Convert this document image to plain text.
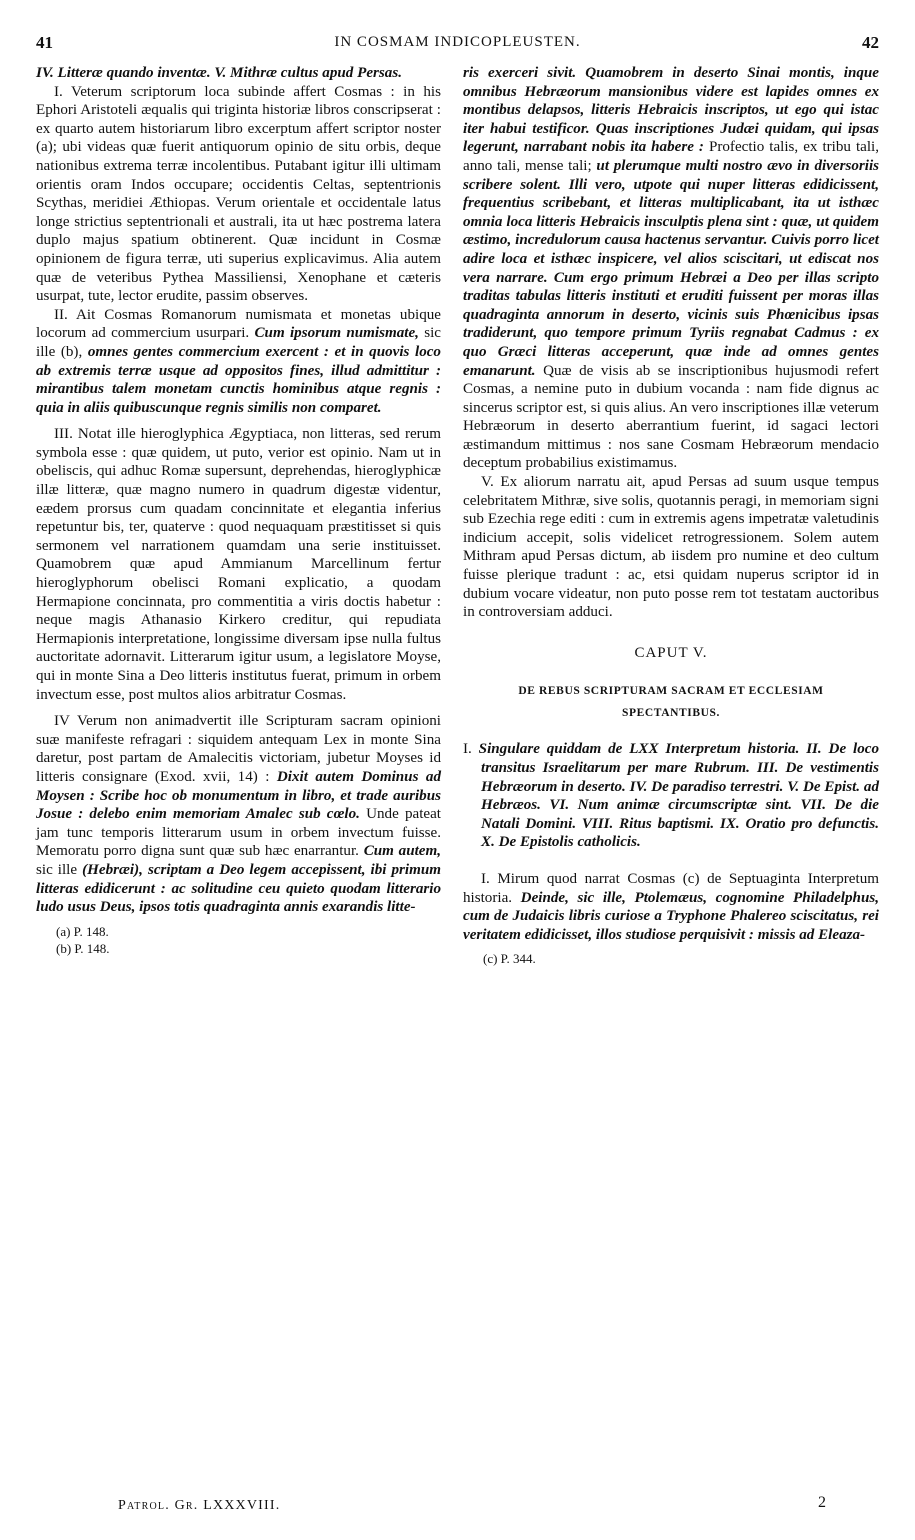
41	IN COSMAM INDICOPLEUSTEN.	42

IV. Litteræ quando inventæ. V. Mithræ cultus apud Persas.

I. Veterum scriptorum loca subinde affert Cosmas : in his Ephori Aristoteli æqualis qui triginta historiæ libros conscripserat : ex quarto autem historiarum libro excerptum affert scriptor noster (a); ubi videas quæ fuerit antiquorum opinio de situ orbis, deque nationibus extrema terræ incolentibus. Putabant igitur illi ultimam orientis oram Indos occupare; occidentis Celtas, septentrionis Scythas, meridiei Æthiopas. Verum orientale et occidentale latus longe strictius septentrionali et australi, ita ut hæc postrema latera duplo majus spatium obtinerent. Quæ incidunt in Cosmæ opinionem de figura terræ, uti superius explicavimus. Alia autem quæ de veteribus Pythea Massiliensi, Xenophane et cæteris usurpat, tute, lector erudite, passim observes.

II. Ait Cosmas Romanorum numismata et monetas ubique locorum ad commercium usurpari. Cum ipsorum numismate, sic ille (b), omnes gentes commercium exercent : et in quovis loco ab extremis terræ usque ad oppositos fines, illud admittitur : mirantibus talem monetam cunctis hominibus atque regnis : quia in aliis quibuscunque regnis similis non comparet.

III. Notat ille hieroglyphica Ægyptiaca, non litteras, sed rerum symbola esse : quæ quidem, ut puto, verior est opinio. Nam ut in obeliscis, qui adhuc Romæ supersunt, deprehendas, hieroglyphicæ illæ litteræ, quæ magno numero in quadrum digestæ videntur, eædem prorsus cum quadam concinnitate et elegantia inferius repetuntur bis, ter, quaterve : quod nequaquam præstitisset si quis sermonem vel narrationem quamdam una serie instituisset. Quamobrem quæ apud Ammianum Marcellinum fertur hieroglyphorum obelisci Romani explicatio, a quodam Hermapione concinnata, pro commentitia a viris doctis habetur : neque magis Athanasio Kirkero creditur, qui repudiata Hermapionis interpretatione, longissime diversam ipse nulla fultus auctoritate adornavit. Litterarum igitur usum, a legislatore Moyse, qui in monte Sina a Deo litteris institutus fuerat, primum in orbem invectum esse, post multos alios arbitratur Cosmas.

IV Verum non animadvertit ille Scripturam sacram opinioni suæ manifeste refragari : siquidem antequam Lex in monte Sina daretur, post partam de Amalecitis victoriam, jubetur Moyses id litteris consignare (Exod. xvii, 14) : Dixit autem Dominus ad Moysen : Scribe hoc ob monumentum in libro, et trade auribus Josue : delebo enim memoriam Amalec sub cœlo. Unde pateat jam tunc temporis litterarum usum in orbem invectum fuisse. Memoratu porro digna sunt quæ sub hæc enarrantur. Cum autem, sic ille (Hebræi), scriptam a Deo legem accepissent, ibi primum litteras edidicerunt : ac solitudine ceu quieto quodam litterario ludo usus Deus, ipsos totis quadraginta annis exarandis litte-

(a) P. 148.
(b) P. 148.

ris exerceri sivit. Quamobrem in deserto Sinai montis, inque omnibus Hebræorum mansionibus videre est lapides omnes ex montibus delapsos, litteris Hebraicis inscriptos, ut ego qui istac iter habui testificor. Quas inscriptiones Judæi quidam, qui ipsas legerunt, narrabant nobis ita habere : Profectio talis, ex tribu tali, anno tali, mense tali; ut plerumque multi nostro ævo in diversoriis scribere solent. Illi vero, utpote qui nuper litteras edidicissent, frequentius scribebant, et litteras multiplicabant, ita ut isthæc omnia loca litteris Hebraicis insculptis plena sint : quæ, ut quidem æstimo, incredulorum causa hactenus servantur. Cuivis porro licet adire loca et isthæc inspicere, vel alios sciscitari, ut ediscat nos vera narrare. Cum ergo primum Hebræi a Deo per illas scripto traditas tabulas litteris instituti et eruditi fuissent per moras illas quadraginta annorum in deserto, vicinis suis Phœnicibus ipsas tradiderunt, quo tempore primum Tyriis regnabat Cadmus : ex quo Græci litteras acceperunt, quæ inde ad omnes gentes emanarunt. Quæ de visis ab se inscriptionibus hujusmodi refert Cosmas, a nemine puto in dubium vocanda : nam fide dignus ac sincerus scriptor est, si quis alius. An vero inscriptiones illæ veterum Hebræorum in deserto aberrantium fuerint, id sagaci lectori æstimandum mittimus : nos sane Cosmam Hebræorum mendacio deceptum probabilius existimamus.

V. Ex aliorum narratu ait, apud Persas ad suum usque tempus celebritatem Mithræ, sive solis, quotannis peragi, in memoriam signi sub Ezechia rege editi : cum in extremis agens impetratæ valetudinis indicium accepit, solis videlicet retrogressionem. Solem autem Mithram apud Persas dictum, ab iisdem pro numine et deo cultum fuisse plerique tradunt : ac, etsi quidam nuperus scriptor id in dubium vocare videatur, non puto posse rem tot testatam auctoribus in controversiam adduci.

CAPUT V.
DE REBUS SCRIPTURAM SACRAM ET ECCLESIAM
SPECTANTIBUS.

I. Singulare quiddam de LXX Interpretum historia. II. De loco transitus Israelitarum per mare Rubrum. III. De vestimentis Hebræorum in deserto. IV. De paradiso terrestri. V. De Epist. ad Hebræos. VI. Num animæ circumscriptæ sint. VII. De die Natali Domini. VIII. Ritus baptismi. IX. Oratio pro defunctis. X. De Epistolis catholicis.

I. Mirum quod narrat Cosmas (c) de Septuaginta Interpretum historia. Deinde, sic ille, Ptolemæus, cognomine Philadelphus, cum de Judaicis libris curiose a Tryphone Phalereo sciscitatus, rei veritatem edidicisset, illos studiose perquisivit : missis ad Eleaza-

(c) P. 344.
Patrol. Gr. LXXXVIII.	2
